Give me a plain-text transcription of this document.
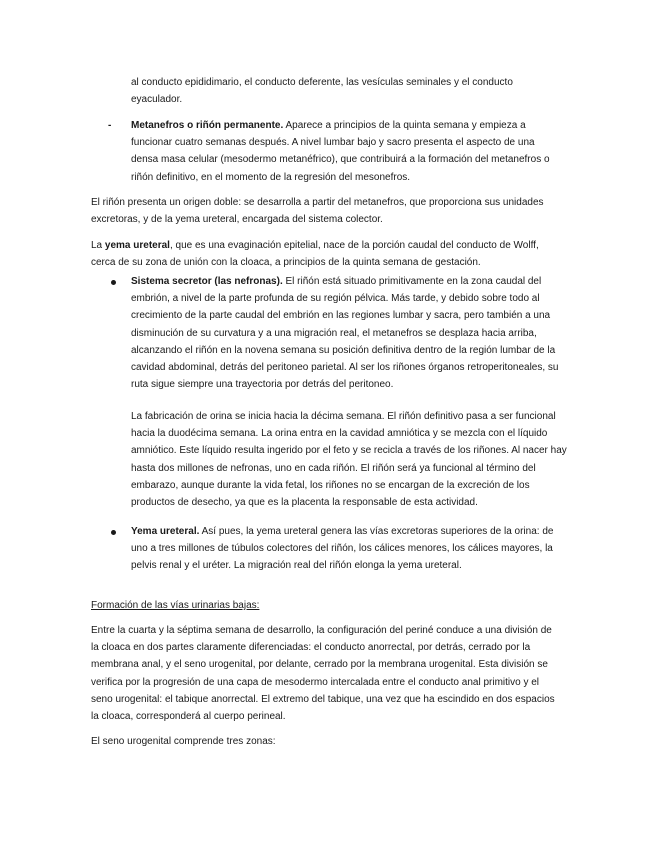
al conducto epididimario, el conducto deferente, las vesículas seminales y el conducto eyaculador.

- Metanefros o riñón permanente. Aparece a principios de la quinta semana y empieza a funcionar cuatro semanas después. A nivel lumbar bajo y sacro presenta el aspecto de una densa masa celular (mesodermo metanéfrico), que contribuirá a la formación del metanefros o riñón definitivo, en el momento de la regresión del mesonefros.

El riñón presenta un origen doble: se desarrolla a partir del metanefros, que proporciona sus unidades excretoras, y de la yema ureteral, encargada del sistema colector.

La yema ureteral, que es una evaginación epitelial, nace de la porción caudal del conducto de Wolff, cerca de su zona de unión con la cloaca, a principios de la quinta semana de gestación.

Sistema secretor (las nefronas). El riñón está situado primitivamente en la zona caudal del embrión, a nivel de la parte profunda de su región pélvica. Más tarde, y debido sobre todo al crecimiento de la parte caudal del embrión en las regiones lumbar y sacra, pero también a una disminución de su curvatura y a una migración real, el metanefros se desplaza hacia arriba, alcanzando el riñón en la novena semana su posición definitiva dentro de la región lumbar de la cavidad abdominal, detrás del peritoneo parietal. Al ser los riñones órganos retroperitoneales, su ruta sigue siempre una trayectoria por detrás del peritoneo.

La fabricación de orina se inicia hacia la décima semana. El riñón definitivo pasa a ser funcional hacia la duodécima semana. La orina entra en la cavidad amniótica y se mezcla con el líquido amniótico. Este líquido resulta ingerido por el feto y se recicla a través de los riñones. Al nacer hay hasta dos millones de nefronas, uno en cada riñón. El riñón será ya funcional al término del embarazo, aunque durante la vida fetal, los riñones no se encargan de la excreción de los productos de desecho, ya que es la placenta la responsable de esta actividad.

Yema ureteral. Así pues, la yema ureteral genera las vías excretoras superiores de la orina: de uno a tres millones de túbulos colectores del riñón, los cálices menores, los cálices mayores, la pelvis renal y el uréter. La migración real del riñón elonga la yema ureteral.

Formación de las vías urinarias bajas:

Entre la cuarta y la séptima semana de desarrollo, la configuración del periné conduce a una división de la cloaca en dos partes claramente diferenciadas: el conducto anorrectal, por detrás, cerrado por la membrana anal, y el seno urogenital, por delante, cerrado por la membrana urogenital. Esta división se verifica por la progresión de una capa de mesodermo intercalada entre el conducto anal primitivo y el seno urogenital: el tabique anorrectal. El extremo del tabique, una vez que ha escindido en dos espacios la cloaca, corresponderá al cuerpo perineal.

El seno urogenital comprende tres zonas:
